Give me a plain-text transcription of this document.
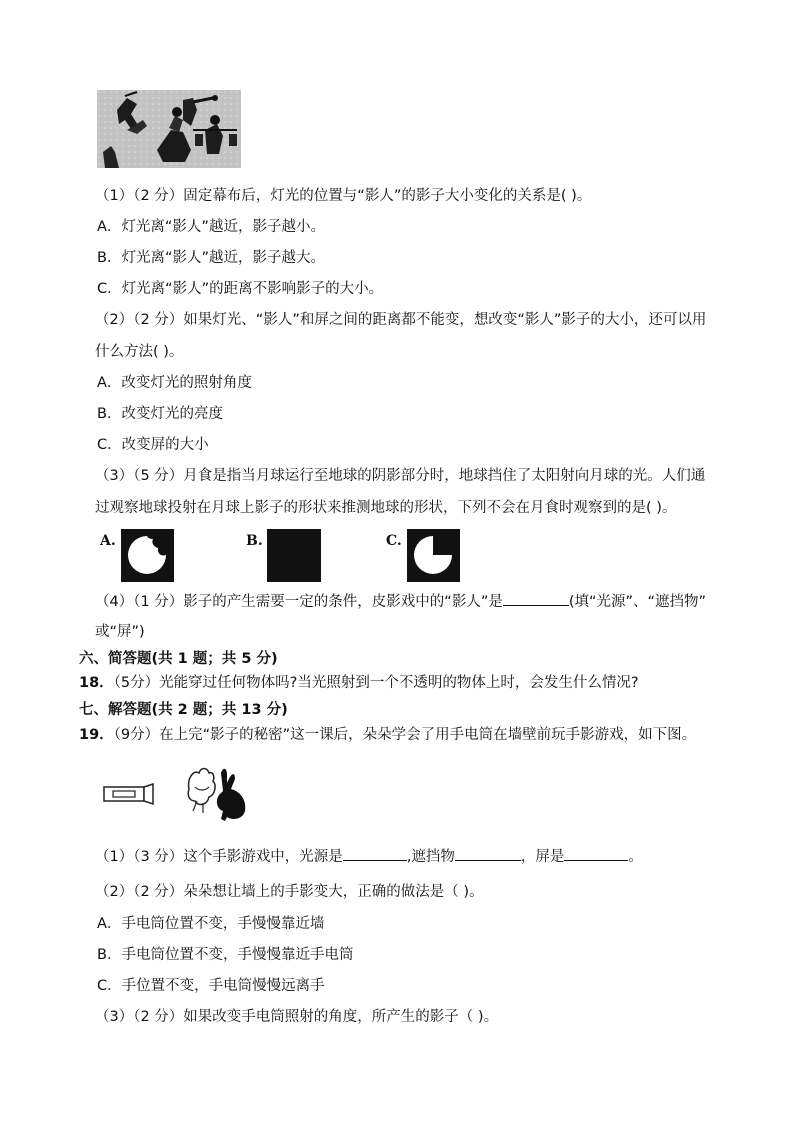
（1）（2 分）固定幕布后，灯光的位置与“影人”的影子大小变化的关系是( )。
A．灯光离“影人”越近，影子越小。
B．灯光离“影人”越近，影子越大。
C．灯光离“影人”的距离不影响影子的大小。
（2）（2 分）如果灯光、“影人”和屏之间的距离都不能变，想改变“影人”影子的大小，还可以用
什么方法( )。
A．改变灯光的照射角度
B．改变灯光的亮度
C．改变屏的大小
（3）（5 分）月食是指当月球运行至地球的阴影部分时，地球挡住了太阳射向月球的光。人们通
过观察地球投射在月球上影子的形状来推测地球的形状，下列不会在月食时观察到的是( )。
A.	B.	C.
（4）（1 分）影子的产生需要一定的条件，皮影戏中的“影人”是	(填“光源”、“遮挡物”
或“屏”)
六、简答题(共 1 题；共 5 分)
18．（5分）光能穿过任何物体吗?当光照射到一个不透明的物体上时，会发生什么情况?
七、解答题(共 2 题；共 13 分)
19．（9分）在上完“影子的秘密”这一课后，朵朵学会了用手电筒在墙壁前玩手影游戏，如下图。
（1）（3 分）这个手影游戏中，光源是	,遮挡物	，屏是	。
（2）（2 分）朵朵想让墙上的手影变大，正确的做法是（ )。
A．手电筒位置不变，手慢慢靠近墙
B．手电筒位置不变，手慢慢靠近手电筒
C．手位置不变，手电筒慢慢远离手
（3）（2 分）如果改变手电筒照射的角度，所产生的影子（ )。
